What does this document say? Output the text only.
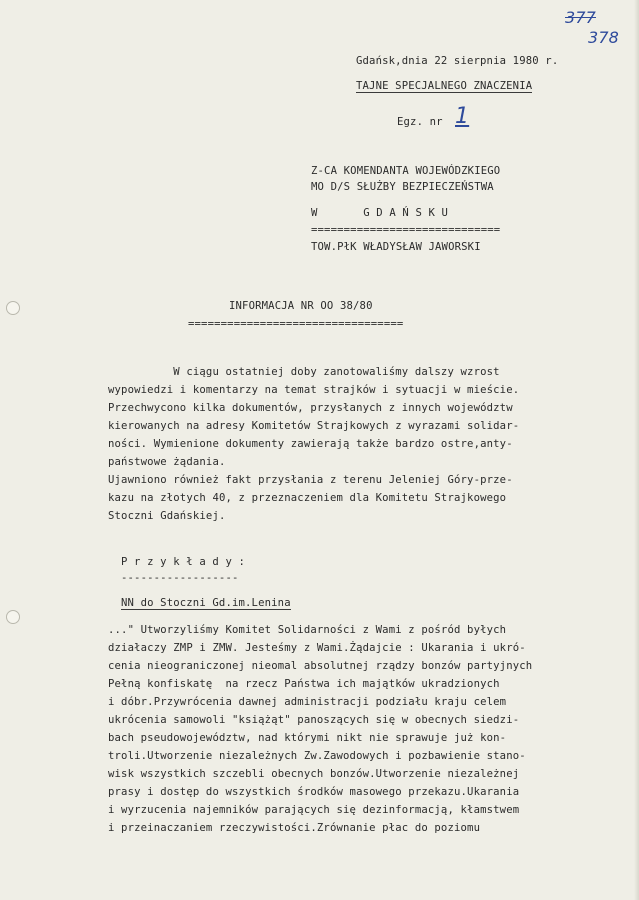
377
378
Gdańsk,dnia 22 sierpnia 1980 r.
TAJNE SPECJALNEGO ZNACZENIA
Egz. nr 1
Z-CA KOMENDANTA WOJEWÓDZKIEGO
MO D/S SŁUŻBY BEZPIECZEŃSTWA
W       G D A Ń S K U
=============================
TOW.PłK WŁADYSŁAW JAWORSKI
INFORMACJA NR OO 38/80
=================================
W ciągu ostatniej doby zanotowaliśmy dalszy wzrost
wypowiedzi i komentarzy na temat strajków i sytuacji w mieście.
Przechwycono kilka dokumentów, przysłanych z innych województw
kierowanych na adresy Komitetów Strajkowych z wyrazami solidar-
ności. Wymienione dokumenty zawierają także bardzo ostre,anty-
państwowe żądania.
Ujawniono również fakt przysłania z terenu Jeleniej Góry-prze-
kazu na złotych 40, z przeznaczeniem dla Komitetu Strajkowego
Stoczni Gdańskiej.
P r z y k ł a d y :
------------------
NN do Stoczni Gd.im.Lenina
..." Utworzyliśmy Komitet Solidarności z Wami z pośród byłych
działaczy ZMP i ZMW. Jesteśmy z Wami.Żądajcie : Ukarania i ukró-
cenia nieograniczonej nieomal absolutnej rządzy bonzów partyjnych
Pełną konfiskatę  na rzecz Państwa ich majątków ukradzionych
i dóbr.Przywrócenia dawnej administracji podziału kraju celem
ukrócenia samowoli "książąt" panoszących się w obecnych siedzi-
bach pseudowojewództw, nad którymi nikt nie sprawuje już kon-
troli.Utworzenie niezależnych Zw.Zawodowych i pozbawienie stano-
wisk wszystkich szczebli obecnych bonzów.Utworzenie niezależnej
prasy i dostęp do wszystkich środków masowego przekazu.Ukarania
i wyrzucenia najemników parających się dezinformacją, kłamstwem
i przeinaczaniem rzeczywistości.Zrównanie płac do poziomu
